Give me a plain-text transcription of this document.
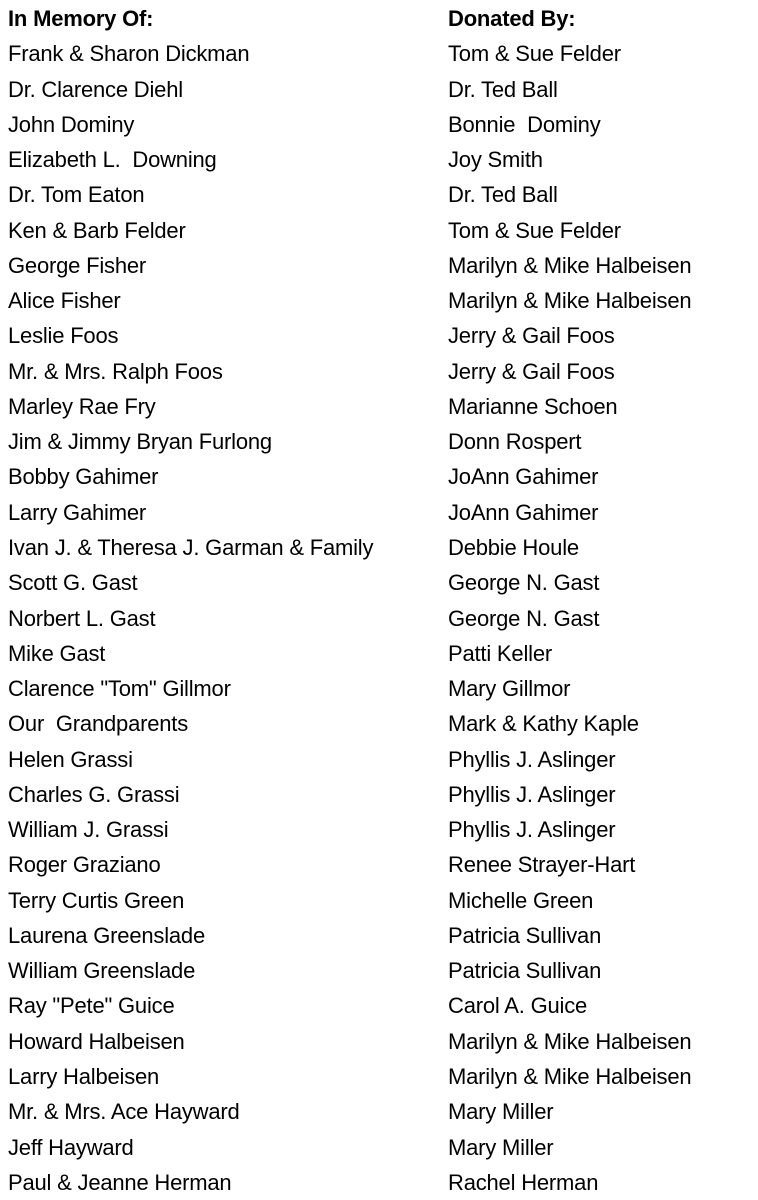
In Memory Of:	Donated By:
Frank & Sharon Dickman	Tom & Sue Felder
Dr. Clarence Diehl	Dr. Ted Ball
John Dominy	Bonnie  Dominy
Elizabeth L.  Downing	Joy Smith
Dr. Tom Eaton	Dr. Ted Ball
Ken & Barb Felder	Tom & Sue Felder
George Fisher	Marilyn & Mike Halbeisen
Alice Fisher	Marilyn & Mike Halbeisen
Leslie Foos	Jerry & Gail Foos
Mr. & Mrs. Ralph Foos	Jerry & Gail Foos
Marley Rae Fry	Marianne Schoen
Jim & Jimmy Bryan Furlong	Donn Rospert
Bobby Gahimer	JoAnn Gahimer
Larry Gahimer	JoAnn Gahimer
Ivan J. & Theresa J. Garman & Family	Debbie Houle
Scott G. Gast	George N. Gast
Norbert L. Gast	George N. Gast
Mike Gast	Patti Keller
Clarence "Tom" Gillmor	Mary Gillmor
Our  Grandparents	Mark & Kathy Kaple
Helen Grassi	Phyllis J. Aslinger
Charles G. Grassi	Phyllis J. Aslinger
William J. Grassi	Phyllis J. Aslinger
Roger Graziano	Renee Strayer-Hart
Terry Curtis Green	Michelle Green
Laurena Greenslade	Patricia Sullivan
William Greenslade	Patricia Sullivan
Ray "Pete" Guice	Carol A. Guice
Howard Halbeisen	Marilyn & Mike Halbeisen
Larry Halbeisen	Marilyn & Mike Halbeisen
Mr. & Mrs. Ace Hayward	Mary Miller
Jeff Hayward	Mary Miller
Paul & Jeanne Herman	Rachel Herman
